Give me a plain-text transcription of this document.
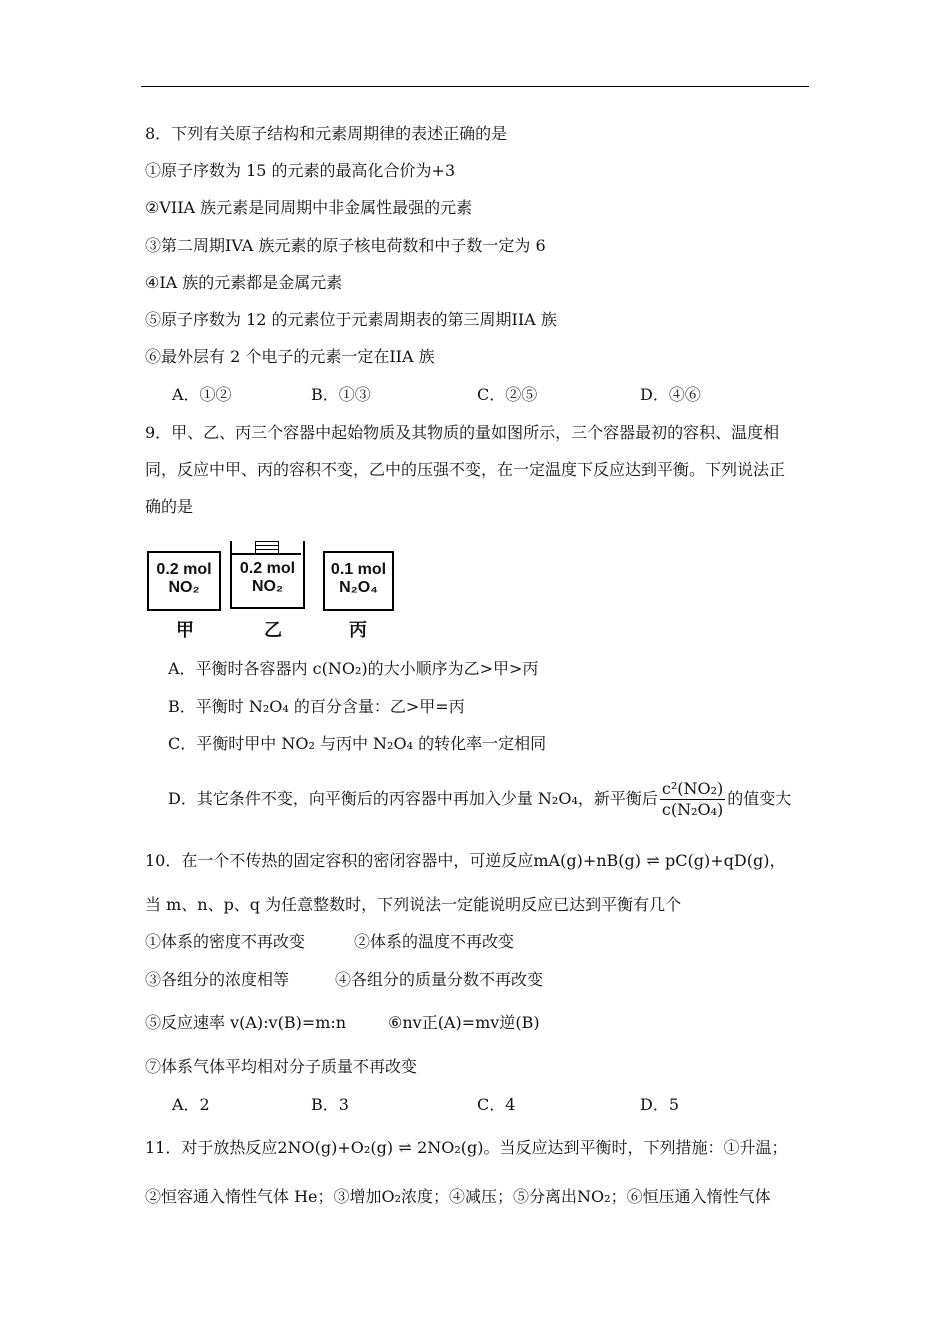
8．下列有关原子结构和元素周期律的表述正确的是
①原子序数为 15 的元素的最高化合价为+3
②VIIA 族元素是同周期中非金属性最强的元素
③第二周期IVA 族元素的原子核电荷数和中子数一定为 6
④IA 族的元素都是金属元素
⑤原子序数为 12 的元素位于元素周期表的第三周期IIA 族
⑥最外层有 2 个电子的元素一定在IIA 族
A．①②	B．①③	C．②⑤	D．④⑥
9．甲、乙、丙三个容器中起始物质及其物质的量如图所示，三个容器最初的容积、温度相
同，反应中甲、丙的容积不变，乙中的压强不变，在一定温度下反应达到平衡。下列说法正
确的是
0.2 mol
NO₂
0.2 mol
NO₂
0.1 mol
N₂O₄
甲	乙	丙
A．平衡时各容器内 c(NO₂)的大小顺序为乙>甲>丙
B．平衡时 N₂O₄ 的百分含量：乙>甲=丙
C．平衡时甲中 NO₂ 与丙中 N₂O₄ 的转化率一定相同
D．其它条件不变，向平衡后的丙容器中再加入少量 N₂O₄，新平衡后 $\frac{\text{c²(NO₂)}}{\text{c(N₂O₄)}}$ 的值变大
10．在一个不传热的固定容积的密闭容器中，可逆反应mA(g)+nB(g) ⇌ pC(g)+qD(g)，
当 m、n、p、q 为任意整数时，下列说法一定能说明反应已达到平衡有几个
①体系的密度不再改变	②体系的温度不再改变
③各组分的浓度相等	④各组分的质量分数不再改变
⑤反应速率 v(A):v(B)=m:n	⑥nv正(A)=mv逆(B)
⑦体系气体平均相对分子质量不再改变
A．2	B．3	C．4	D．5
11．对于放热反应2NO(g)+O₂(g) ⇌ 2NO₂(g)。当反应达到平衡时，下列措施：①升温；
②恒容通入惰性气体 He；③增加O₂浓度；④减压；⑤分离出NO₂；⑥恒压通入惰性气体
